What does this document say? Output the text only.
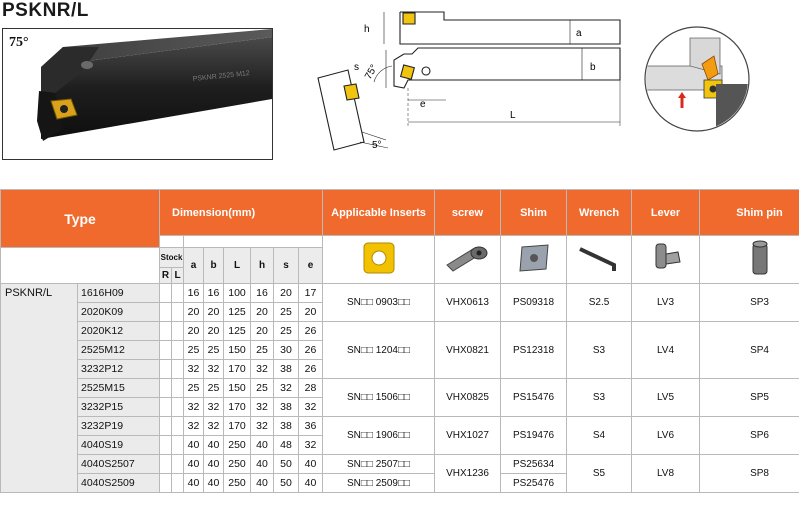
PSKNR/L
PSKNR 2525 M12
75°
h	a
b
s
e
L
75°
5°
Type		Dimension(mm)								Applicable Inserts	screw	Shim	Wrench	Lever	Shim pin

		Stock		a	b	L	h	s	e						
		R	L												
PSKNR/L	1616H09			16	16	100	16	20	17	SN□□ 0903□□	VHX0613	PS09318	S2.5	LV3	SP3
	2020K09			20	20	125	20	25	20						
	2020K12			20	20	125	20	25	26	SN□□ 1204□□	VHX0821	PS12318	S3	LV4	SP4
	2525M12			25	25	150	25	30	26						
	3232P12			32	32	170	32	38	26						
	2525M15			25	25	150	25	32	28	SN□□ 1506□□	VHX0825	PS15476	S3	LV5	SP5
	3232P15			32	32	170	32	38	32						
	3232P19			32	32	170	32	38	36	SN□□ 1906□□	VHX1027	PS19476	S4	LV6	SP6
	4040S19			40	40	250	40	48	32						
	4040S2507			40	40	250	40	50	40	SN□□ 2507□□	VHX1236	PS25634	S5	LV8	SP8
	4040S2509			40	40	250	40	50	40	SN□□ 2509□□		PS25476			
